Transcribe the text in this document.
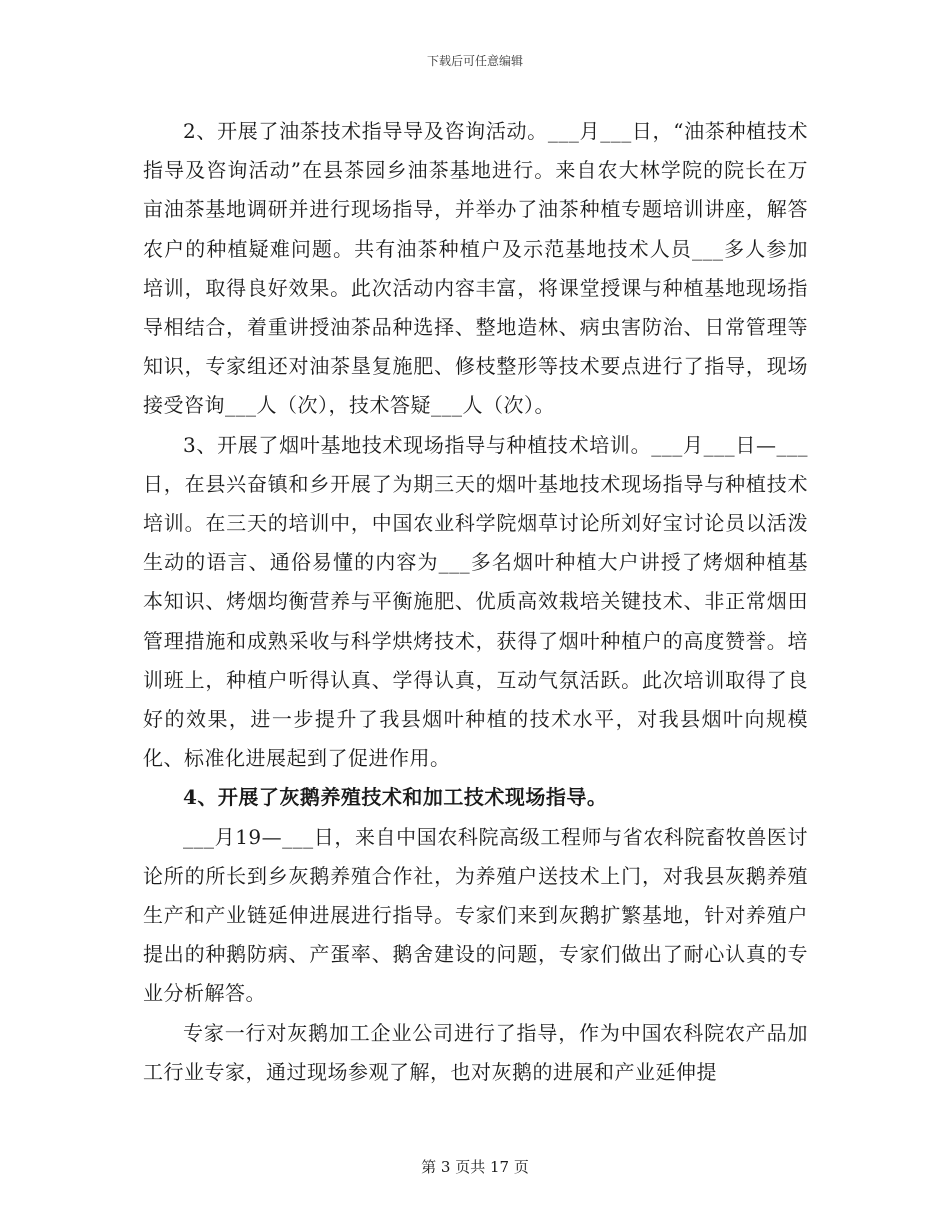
下载后可任意编辑

2、开展了油茶技术指导导及咨询活动。___月___日，“油茶种植技术指导及咨询活动”在县茶园乡油茶基地进行。来自农大林学院的院长在万亩油茶基地调研并进行现场指导，并举办了油茶种植专题培训讲座，解答农户的种植疑难问题。共有油茶种植户及示范基地技术人员___多人参加培训，取得良好效果。此次活动内容丰富，将课堂授课与种植基地现场指导相结合，着重讲授油茶品种选择、整地造林、病虫害防治、日常管理等知识，专家组还对油茶垦复施肥、修枝整形等技术要点进行了指导，现场接受咨询___人（次），技术答疑___人（次）。

3、开展了烟叶基地技术现场指导与种植技术培训。___月___日—___日，在县兴奋镇和乡开展了为期三天的烟叶基地技术现场指导与种植技术培训。在三天的培训中，中国农业科学院烟草讨论所刘好宝讨论员以活泼生动的语言、通俗易懂的内容为___多名烟叶种植大户讲授了烤烟种植基本知识、烤烟均衡营养与平衡施肥、优质高效栽培关键技术、非正常烟田管理措施和成熟采收与科学烘烤技术，获得了烟叶种植户的高度赞誉。培训班上，种植户听得认真、学得认真，互动气氛活跃。此次培训取得了良好的效果，进一步提升了我县烟叶种植的技术水平，对我县烟叶向规模化、标准化进展起到了促进作用。

4、开展了灰鹅养殖技术和加工技术现场指导。

___月19—___日，来自中国农科院高级工程师与省农科院畜牧兽医讨论所的所长到乡灰鹅养殖合作社，为养殖户送技术上门，对我县灰鹅养殖生产和产业链延伸进展进行指导。专家们来到灰鹅扩繁基地，针对养殖户提出的种鹅防病、产蛋率、鹅舍建设的问题，专家们做出了耐心认真的专业分析解答。

专家一行对灰鹅加工企业公司进行了指导，作为中国农科院农产品加工行业专家，通过现场参观了解，也对灰鹅的进展和产业延伸提

第 3 页共 17 页
